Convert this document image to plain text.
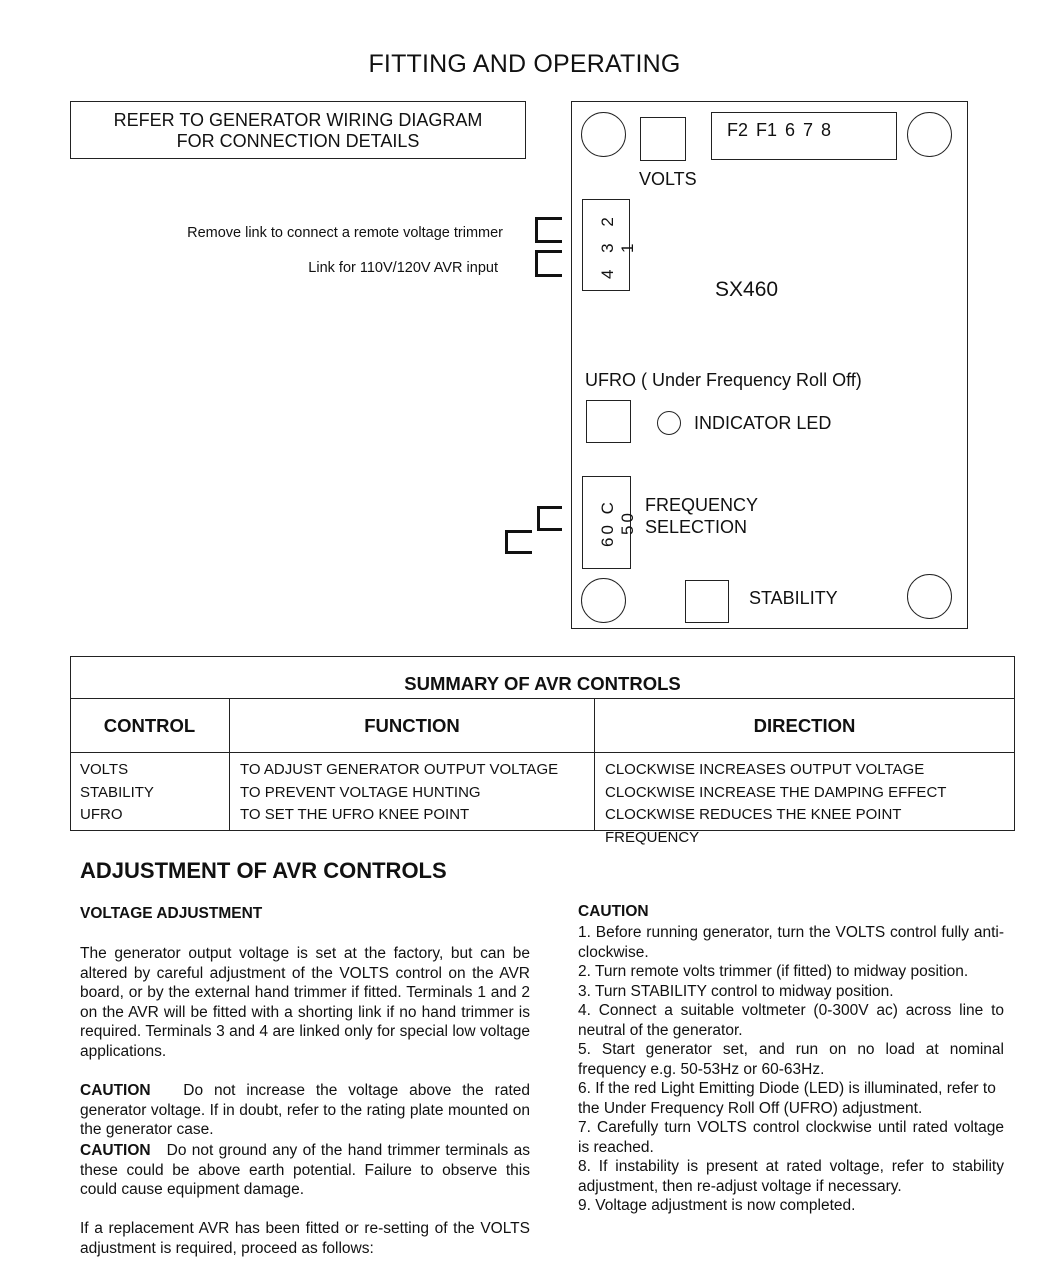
FITTING AND OPERATING
REFER TO GENERATOR WIRING DIAGRAM
FOR CONNECTION DETAILS
Remove link to connect a remote voltage trimmer
Link for 110V/120V AVR input
VOLTS
F2 F1 6 7 8
4 3 2 1
SX460
UFRO ( Under Frequency Roll Off)
INDICATOR LED
60 C 50
FREQUENCY
SELECTION
STABILITY
SUMMARY OF AVR CONTROLS
CONTROL	FUNCTION	DIRECTION
VOLTS
STABILITY
UFRO
TO ADJUST GENERATOR OUTPUT VOLTAGE
TO PREVENT VOLTAGE HUNTING
TO SET THE UFRO KNEE POINT
CLOCKWISE INCREASES OUTPUT VOLTAGE
CLOCKWISE INCREASE THE DAMPING EFFECT
CLOCKWISE REDUCES THE KNEE POINT
FREQUENCY
ADJUSTMENT OF AVR CONTROLS
VOLTAGE ADJUSTMENT
The generator output voltage is set at the factory, but can be altered by careful adjustment of the VOLTS control on the AVR board, or by the external hand trimmer if fitted. Terminals 1 and 2 on the AVR will be fitted with a shorting link if no hand trimmer is required. Terminals 3 and 4 are linked only for special low voltage applications.
CAUTION Do not increase the voltage above the rated generator voltage. If in doubt, refer to the rating plate mounted on the generator case.
CAUTION Do not ground any of the hand trimmer terminals as these could be above earth potential. Failure to observe this could cause equipment damage.
If a replacement AVR has been fitted or re-setting of the VOLTS adjustment is required, proceed as follows:
CAUTION

1. Before running generator, turn the VOLTS control fully anti-clockwise.

2. Turn remote volts trimmer (if fitted) to midway position.

3. Turn STABILITY control to midway position.

4. Connect a suitable voltmeter (0-300V ac) across line to neutral of the generator.

5. Start generator set, and run on no load at nominal frequency e.g. 50-53Hz or 60-63Hz.

6. If the red Light Emitting Diode (LED) is illuminated, refer to the Under Frequency Roll Off (UFRO) adjustment.

7. Carefully turn VOLTS control clockwise until rated voltage is reached.

8. If instability is present at rated voltage, refer to stability adjustment, then re-adjust voltage if necessary.

9. Voltage adjustment is now completed.
